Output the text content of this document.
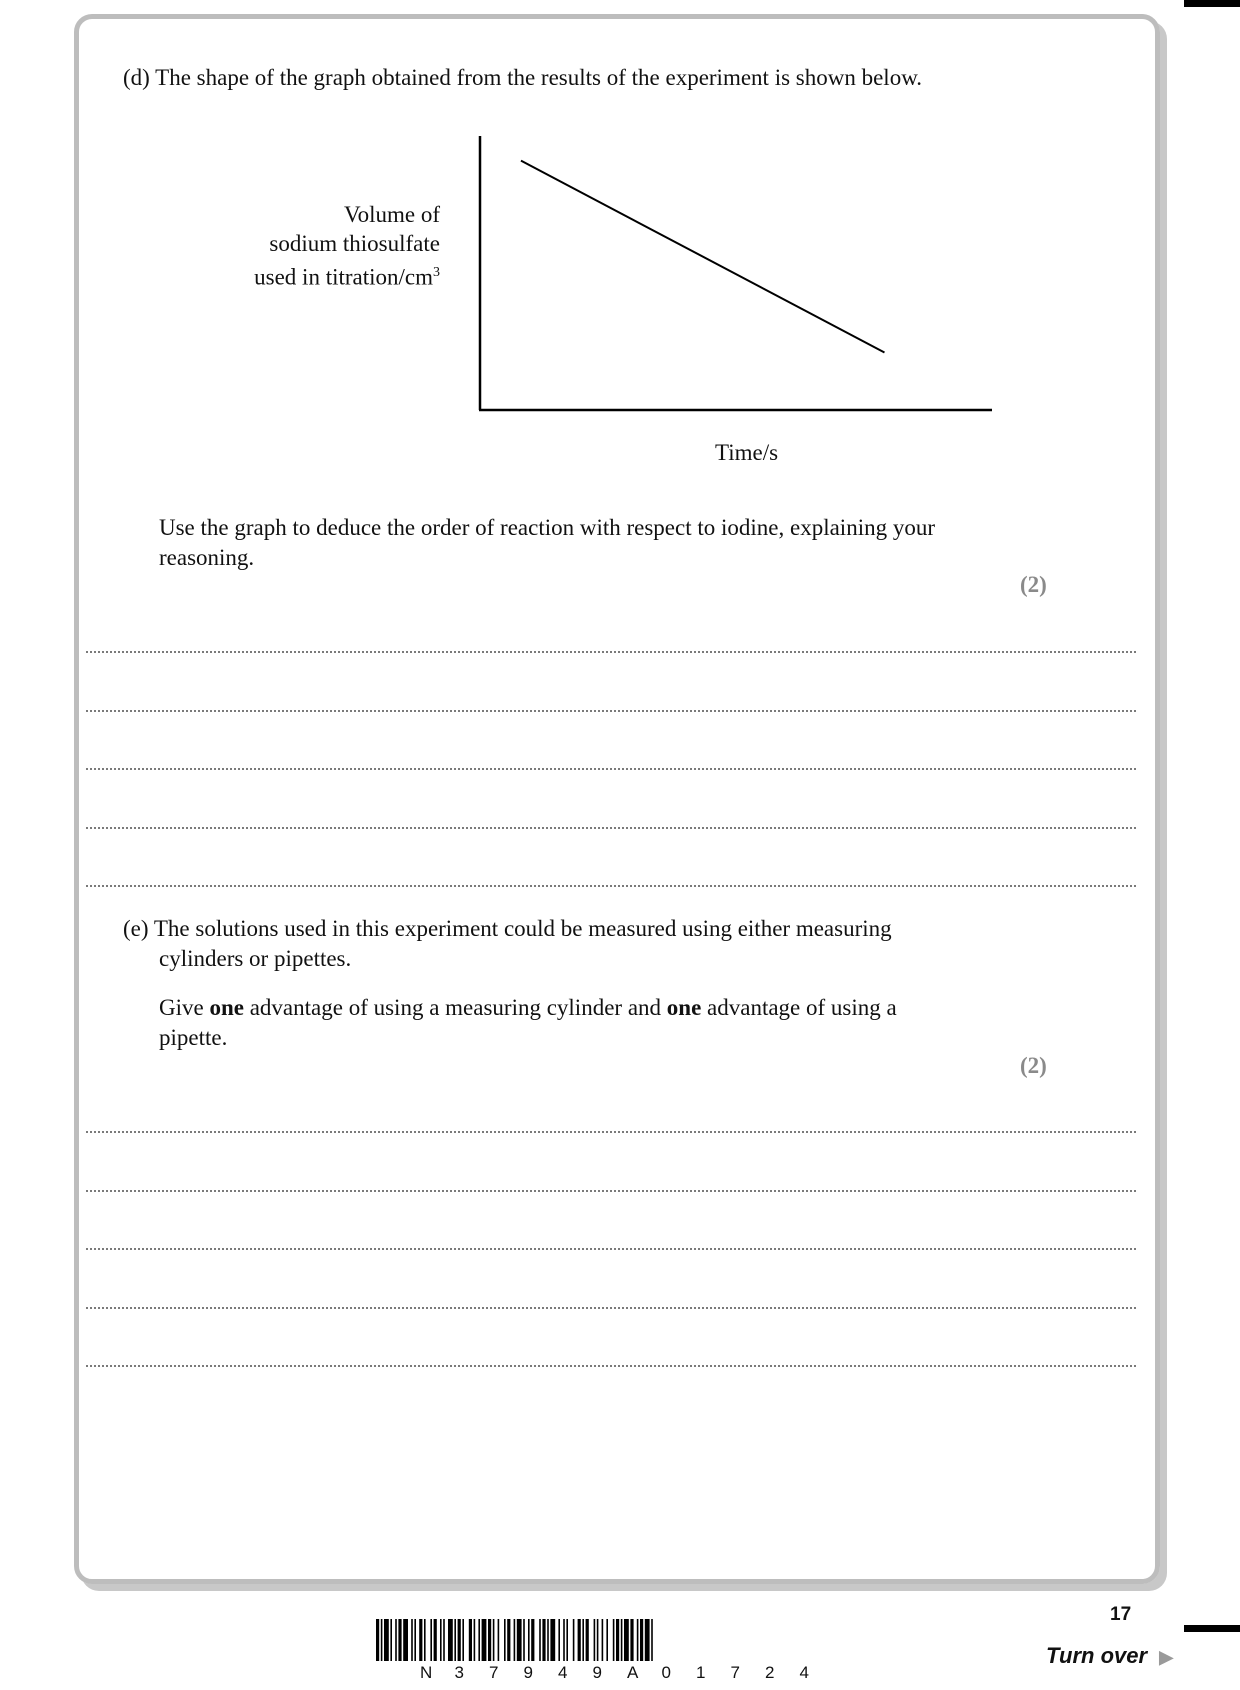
(d) The shape of the graph obtained from the results of the experiment is shown below.
Volume of
sodium thiosulfate
used in titration/$cm^3$
Time/s
Use the graph to deduce the order of reaction with respect to iodine, explaining your
reasoning.
(2)
(e) The solutions used in this experiment could be measured using either measuring
cylinders or pipettes.
Give one advantage of using a measuring cylinder and one advantage of using a
pipette.
(2)
17
Turn over ▶
N 3 7 9 4 9 A 0 1 7 2 4
